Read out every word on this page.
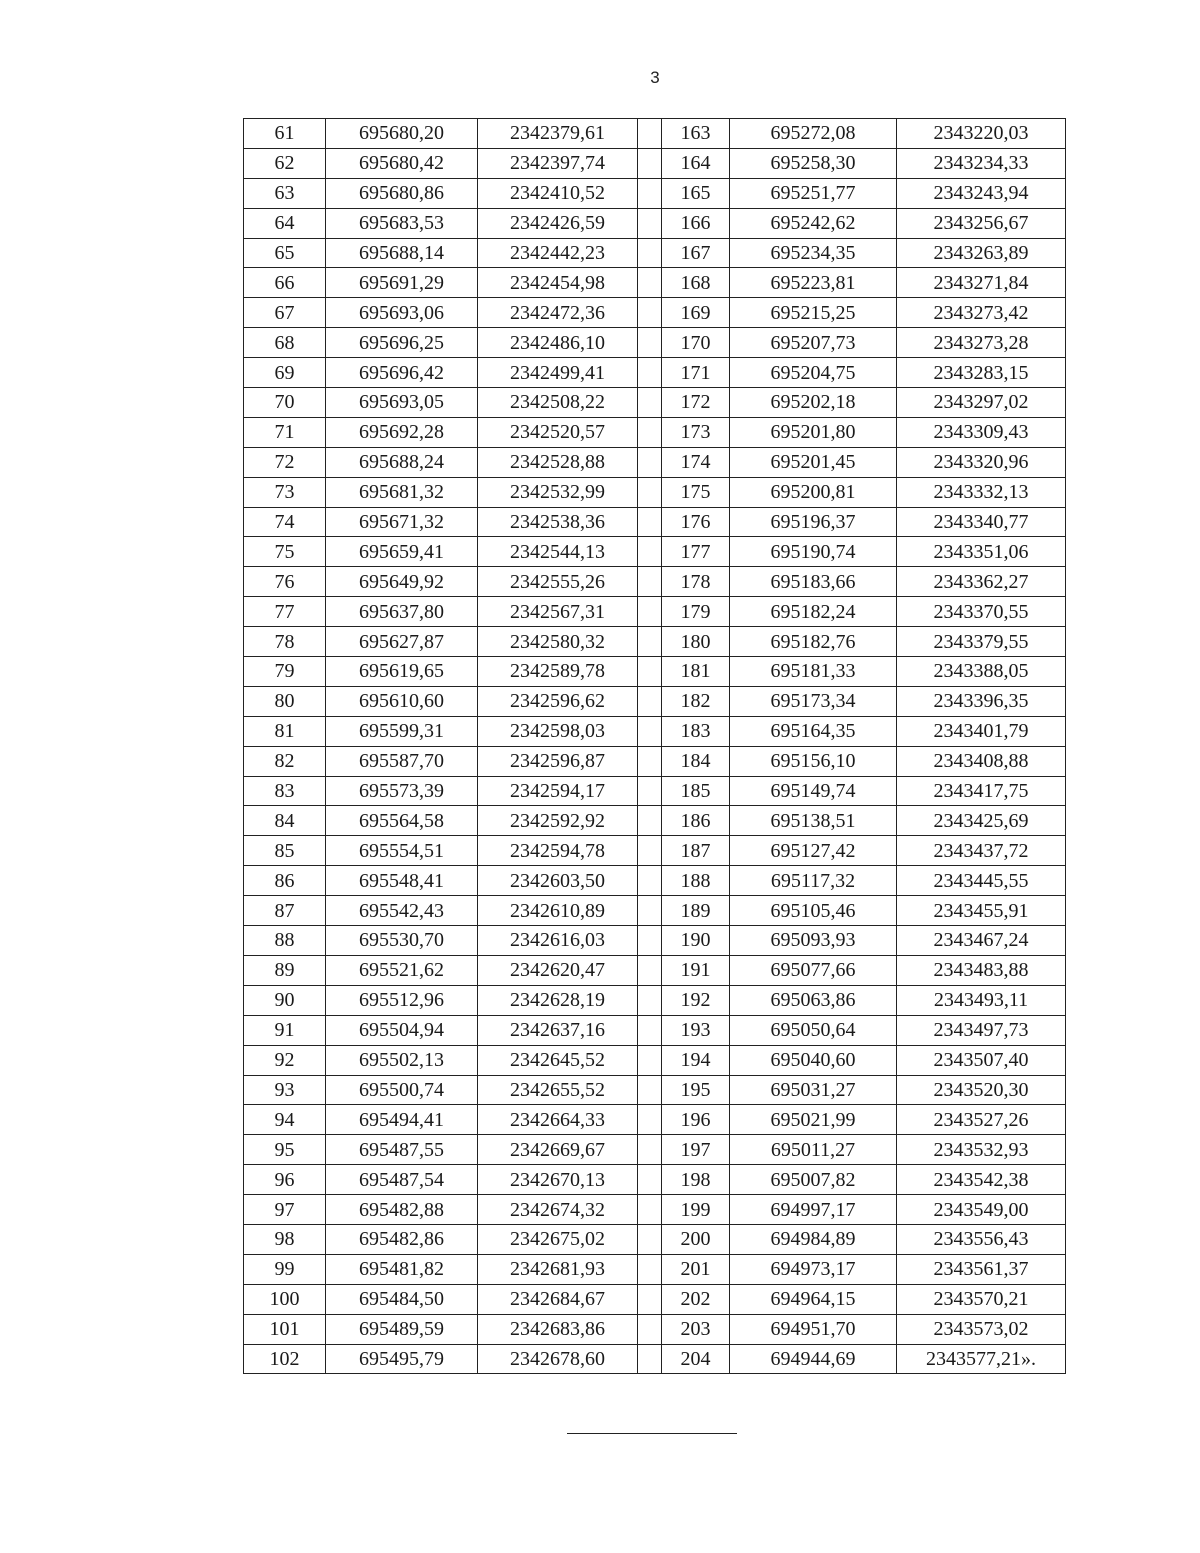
3
61	695680,20	2342379,61		163	695272,08	2343220,03
62	695680,42	2342397,74		164	695258,30	2343234,33
63	695680,86	2342410,52		165	695251,77	2343243,94
64	695683,53	2342426,59		166	695242,62	2343256,67
65	695688,14	2342442,23		167	695234,35	2343263,89
66	695691,29	2342454,98		168	695223,81	2343271,84
67	695693,06	2342472,36		169	695215,25	2343273,42
68	695696,25	2342486,10		170	695207,73	2343273,28
69	695696,42	2342499,41		171	695204,75	2343283,15
70	695693,05	2342508,22		172	695202,18	2343297,02
71	695692,28	2342520,57		173	695201,80	2343309,43
72	695688,24	2342528,88		174	695201,45	2343320,96
73	695681,32	2342532,99		175	695200,81	2343332,13
74	695671,32	2342538,36		176	695196,37	2343340,77
75	695659,41	2342544,13		177	695190,74	2343351,06
76	695649,92	2342555,26		178	695183,66	2343362,27
77	695637,80	2342567,31		179	695182,24	2343370,55
78	695627,87	2342580,32		180	695182,76	2343379,55
79	695619,65	2342589,78		181	695181,33	2343388,05
80	695610,60	2342596,62		182	695173,34	2343396,35
81	695599,31	2342598,03		183	695164,35	2343401,79
82	695587,70	2342596,87		184	695156,10	2343408,88
83	695573,39	2342594,17		185	695149,74	2343417,75
84	695564,58	2342592,92		186	695138,51	2343425,69
85	695554,51	2342594,78		187	695127,42	2343437,72
86	695548,41	2342603,50		188	695117,32	2343445,55
87	695542,43	2342610,89		189	695105,46	2343455,91
88	695530,70	2342616,03		190	695093,93	2343467,24
89	695521,62	2342620,47		191	695077,66	2343483,88
90	695512,96	2342628,19		192	695063,86	2343493,11
91	695504,94	2342637,16		193	695050,64	2343497,73
92	695502,13	2342645,52		194	695040,60	2343507,40
93	695500,74	2342655,52		195	695031,27	2343520,30
94	695494,41	2342664,33		196	695021,99	2343527,26
95	695487,55	2342669,67		197	695011,27	2343532,93
96	695487,54	2342670,13		198	695007,82	2343542,38
97	695482,88	2342674,32		199	694997,17	2343549,00
98	695482,86	2342675,02		200	694984,89	2343556,43
99	695481,82	2342681,93		201	694973,17	2343561,37
100	695484,50	2342684,67		202	694964,15	2343570,21
101	695489,59	2342683,86		203	694951,70	2343573,02
102	695495,79	2342678,60		204	694944,69	2343577,21».
